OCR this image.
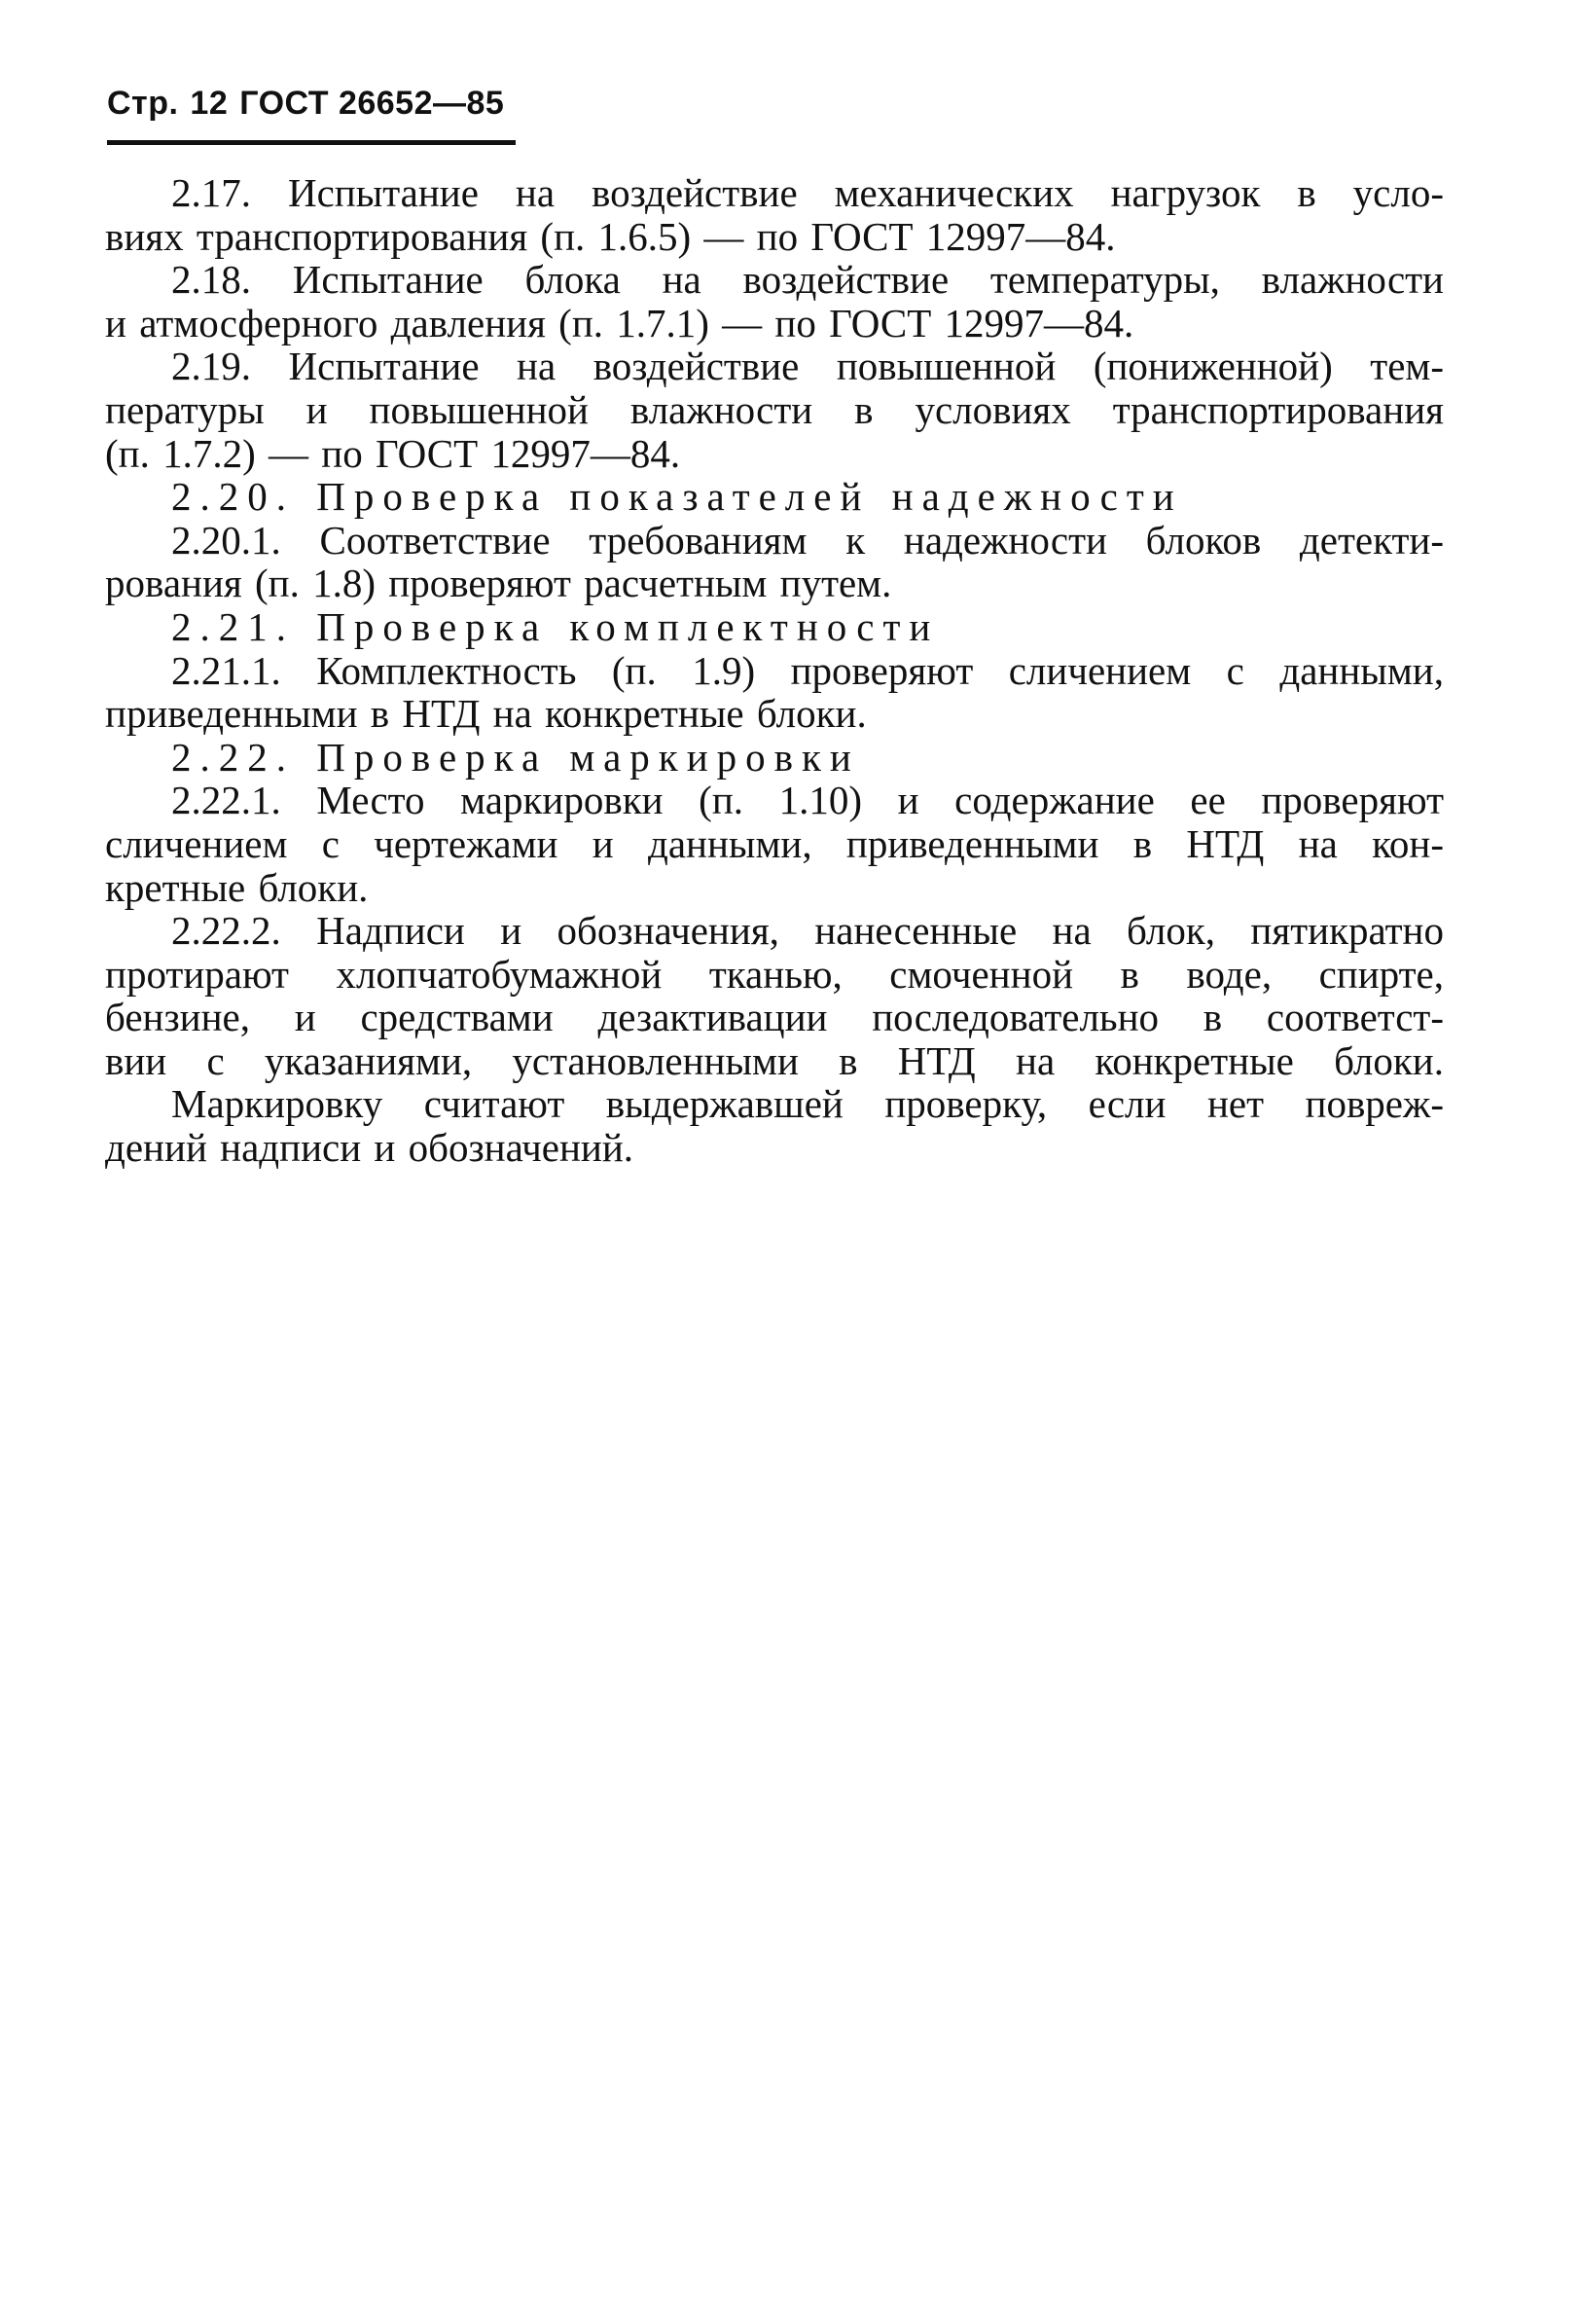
Стр. 12 ГОСТ 26652—85
2.17. Испытание на воздействие механических нагрузок в усло-
виях транспортирования (п. 1.6.5) — по ГОСТ 12997—84.
2.18. Испытание блока на воздействие температуры, влажности
и атмосферного давления (п. 1.7.1) — по ГОСТ 12997—84.
2.19. Испытание на воздействие повышенной (пониженной) тем-
пературы и повышенной влажности в условиях транспортирования
(п. 1.7.2) — по ГОСТ 12997—84.
2.20. Проверка показателей надежности
2.20.1. Соответствие требованиям к надежности блоков детекти-
рования (п. 1.8) проверяют расчетным путем.
2.21. Проверка комплектности
2.21.1. Комплектность (п. 1.9) проверяют сличением с данными,
приведенными в НТД на конкретные блоки.
2.22. Проверка маркировки
2.22.1. Место маркировки (п. 1.10) и содержание ее проверяют
сличением с чертежами и данными, приведенными в НТД на кон-
кретные блоки.
2.22.2. Надписи и обозначения, нанесенные на блок, пятикратно
протирают хлопчатобумажной тканью, смоченной в воде, спирте,
бензине, и средствами дезактивации последовательно в соответст-
вии с указаниями, установленными в НТД на конкретные блоки.
Маркировку считают выдержавшей проверку, если нет повреж-
дений надписи и обозначений.
